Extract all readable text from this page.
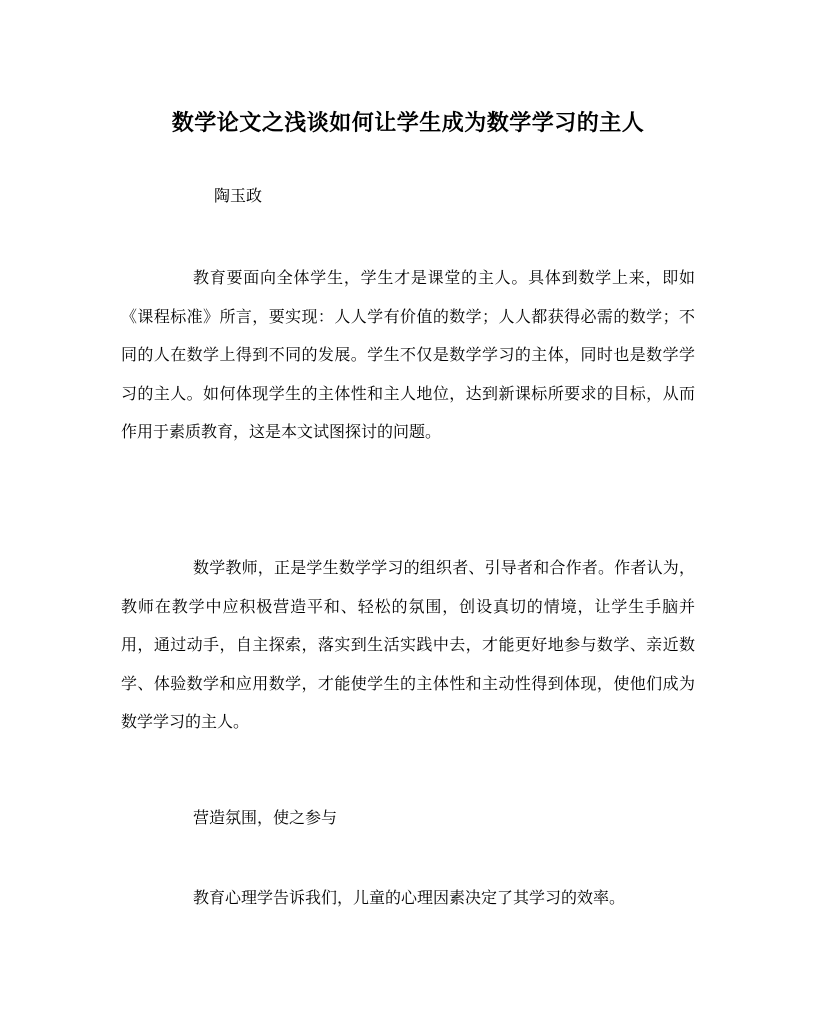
数学论文之浅谈如何让学生成为数学学习的主人
陶玉政

教育要面向全体学生，学生才是课堂的主人。具体到数学上来，即如《课程标准》所言，要实现：人人学有价值的数学；人人都获得必需的数学；不同的人在数学上得到不同的发展。学生不仅是数学学习的主体，同时也是数学学习的主人。如何体现学生的主体性和主人地位，达到新课标所要求的目标，从而作用于素质教育，这是本文试图探讨的问题。

数学教师，正是学生数学学习的组织者、引导者和合作者。作者认为，教师在教学中应积极营造平和、轻松的氛围，创设真切的情境，让学生手脑并用，通过动手，自主探索，落实到生活实践中去，才能更好地参与数学、亲近数学、体验数学和应用数学，才能使学生的主体性和主动性得到体现，使他们成为数学学习的主人。

营造氛围，使之参与

教育心理学告诉我们，儿童的心理因素决定了其学习的效率。
